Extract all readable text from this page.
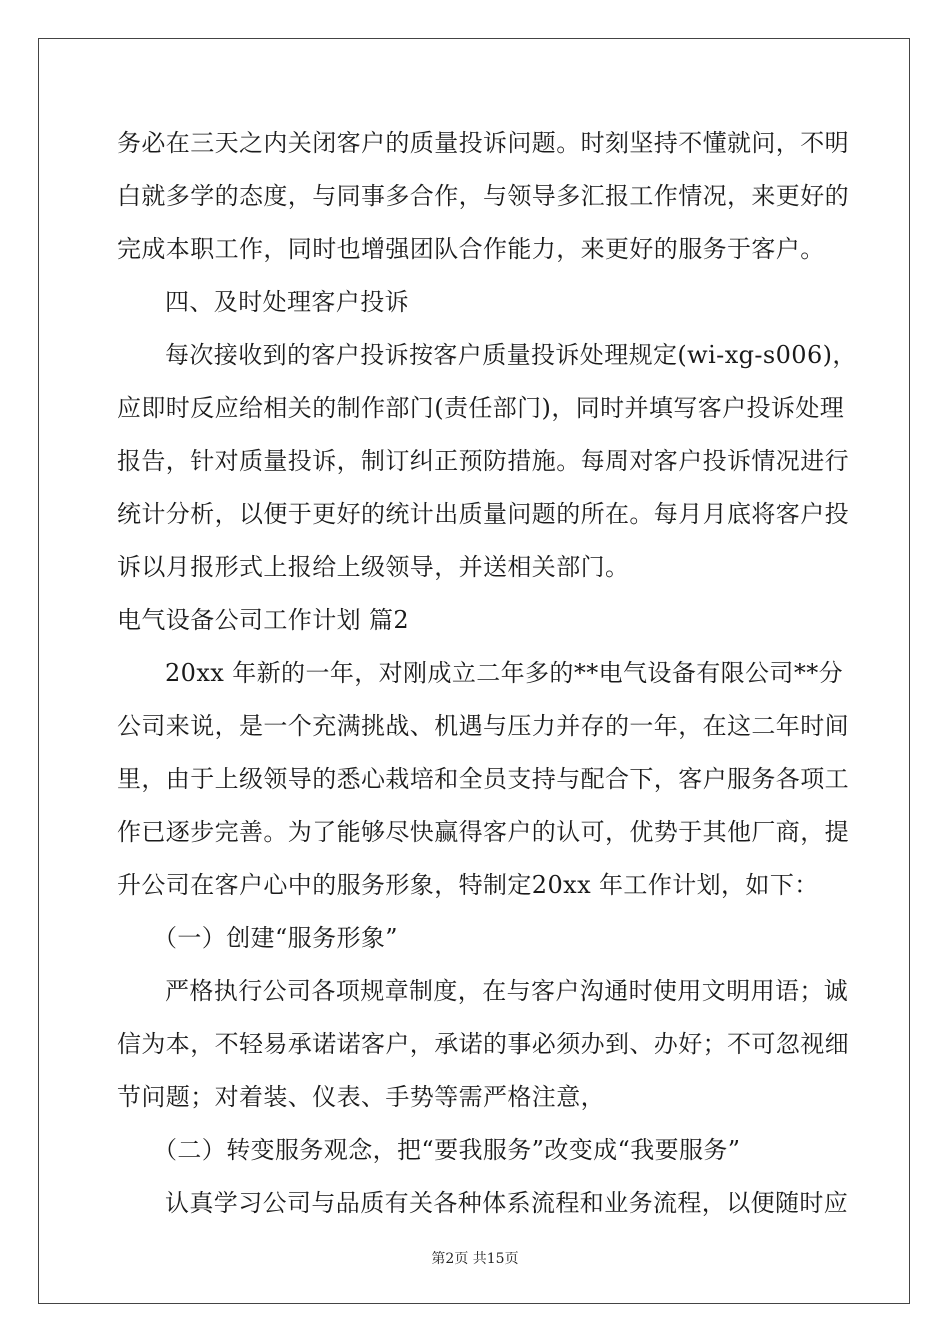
务必在三天之内关闭客户的质量投诉问题。时刻坚持不懂就问，不明
白就多学的态度，与同事多合作，与领导多汇报工作情况，来更好的
完成本职工作，同时也增强团队合作能力，来更好的服务于客户。
四、及时处理客户投诉
每次接收到的客户投诉按客户质量投诉处理规定(wi-xg-s006)，
应即时反应给相关的制作部门(责任部门)，同时并填写客户投诉处理
报告，针对质量投诉，制订纠正预防措施。每周对客户投诉情况进行
统计分析，以便于更好的统计出质量问题的所在。每月月底将客户投
诉以月报形式上报给上级领导，并送相关部门。
电气设备公司工作计划 篇2
20xx 年新的一年，对刚成立二年多的**电气设备有限公司**分
公司来说，是一个充满挑战、机遇与压力并存的一年，在这二年时间
里，由于上级领导的悉心栽培和全员支持与配合下，客户服务各项工
作已逐步完善。为了能够尽快赢得客户的认可，优势于其他厂商，提
升公司在客户心中的服务形象，特制定20xx 年工作计划，如下：
（一）创建“服务形象”
严格执行公司各项规章制度，在与客户沟通时使用文明用语；诚
信为本，不轻易承诺诺客户，承诺的事必须办到、办好；不可忽视细
节问题；对着装、仪表、手势等需严格注意，
（二）转变服务观念，把“要我服务”改变成“我要服务”
认真学习公司与品质有关各种体系流程和业务流程，以便随时应
第2页 共15页
